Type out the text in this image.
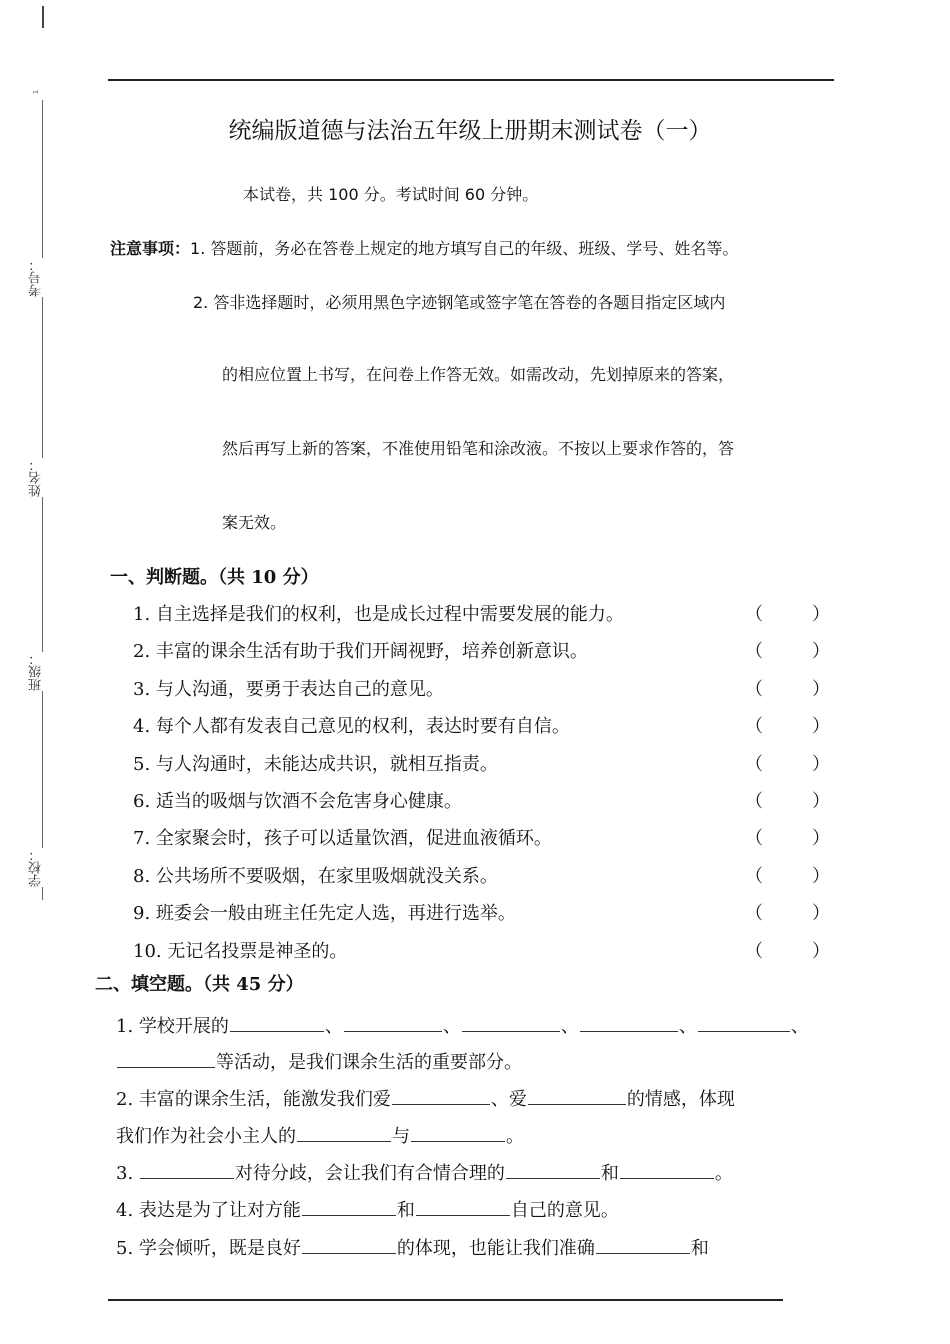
1
考号：
姓名：
班级：
学校：
统编版道德与法治五年级上册期末测试卷（一）
本试卷，共 100 分。考试时间 60 分钟。
注意事项：1. 答题前，务必在答卷上规定的地方填写自己的年级、班级、学号、姓名等。
2. 答非选择题时，必须用黑色字迹钢笔或签字笔在答卷的各题目指定区域内
的相应位置上书写，在问卷上作答无效。如需改动，先划掉原来的答案，
然后再写上新的答案，不准使用铅笔和涂改液。不按以上要求作答的，答
案无效。
一、判断题。（共 10 分）
1. 自主选择是我们的权利，也是成长过程中需要发展的能力。	（	）
2. 丰富的课余生活有助于我们开阔视野，培养创新意识。	（	）
3. 与人沟通，要勇于表达自己的意见。	（	）
4. 每个人都有发表自己意见的权利，表达时要有自信。	（	）
5. 与人沟通时，未能达成共识，就相互指责。	（	）
6. 适当的吸烟与饮酒不会危害身心健康。	（	）
7. 全家聚会时，孩子可以适量饮酒，促进血液循环。	（	）
8. 公共场所不要吸烟，在家里吸烟就没关系。	（	）
9. 班委会一般由班主任先定人选，再进行选举。	（	）
10. 无记名投票是神圣的。	（	）
二、填空题。（共 45 分）
1. 学校开展的	、	、	、	、	、
等活动，是我们课余生活的重要部分。
2. 丰富的课余生活，能激发我们爱	、爱	的情感，体现
我们作为社会小主人的	与	。
3.	对待分歧，会让我们有合情合理的	和	。
4. 表达是为了让对方能	和	自己的意见。
5. 学会倾听，既是良好	的体现，也能让我们准确	和
